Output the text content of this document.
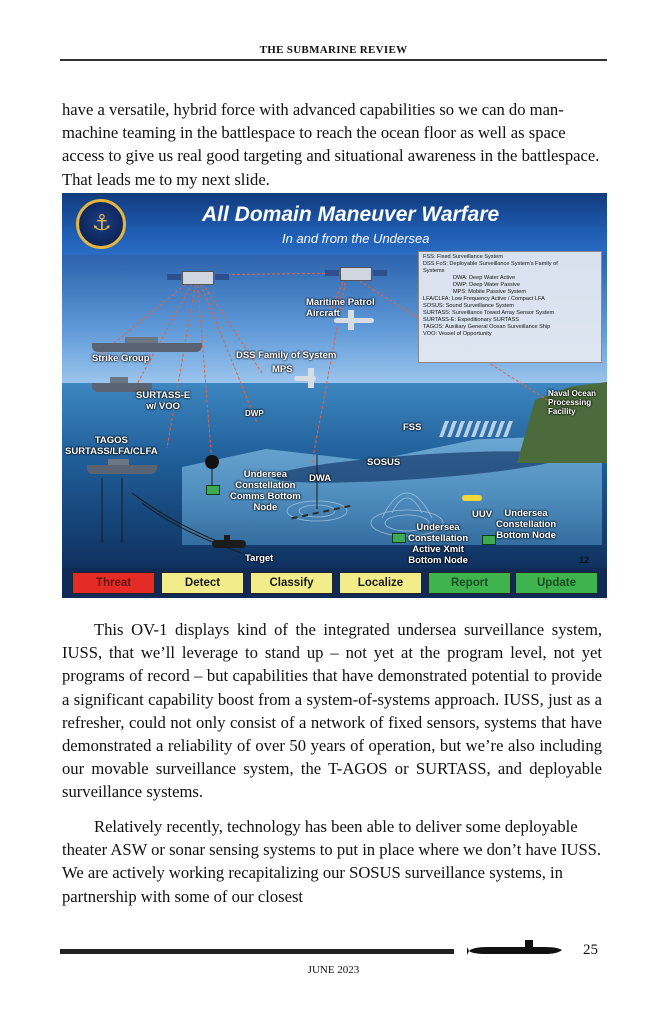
THE SUBMARINE REVIEW

have a versatile, hybrid force with advanced capabilities so we can do man-machine teaming in the battlespace to reach the ocean floor as well as space access to give us real good targeting and situational awareness in the battlespace. That leads me to my next slide.

⚓
All Domain Maneuver Warfare
In and from the Undersea
FSS: Fixed Surveillance System
DSS FoS: Deployable Surveillance System's Family of
Systems
DWA: Deep Water Active
DWP: Deep Water Passive
MPS: Mobile Passive System
LFA/CLFA: Low Frequency Active / Compact LFA
SOSUS: Sound Surveillance System
SURTASS: Surveillance Towed Array Sensor System
SURTASS-E: Expeditionary SURTASS
TAGOS: Auxiliary General Ocean Surveillance Ship
VOO: Vessel of Opportunity
Maritime Patrol
Aircraft
Strike Group	DSS Family of System
MPS
SURTASS-E
w/ VOO
DWP
TAGOS
SURTASS/LFA/CLFA
FSS
SOSUS
Naval Ocean
Processing
Facility
Undersea
Constellation
Comms Bottom
Node
DWA
UUV	Undersea
Constellation
Bottom Node
Undersea
Constellation
Active Xmit
Bottom Node
Target	12
Threat	Detect	Classify	Localize	Report	Update

This OV-1 displays kind of the integrated undersea surveillance system, IUSS, that we’ll leverage to stand up – not yet at the program level, not yet programs of record – but capabilities that have demonstrated potential to provide a significant capability boost from a system-of-systems approach. IUSS, just as a refresher, could not only consist of a network of fixed sensors, systems that have demonstrated a reliability of over 50 years of operation, but we’re also including our movable surveillance system, the T-AGOS or SURTASS, and deployable surveillance systems.

Relatively recently, technology has been able to deliver some deployable theater ASW or sonar sensing systems to put in place where we don’t have IUSS. We are actively working recapitalizing our SOSUS surveillance systems, in partnership with some of our closest

25
JUNE 2023
